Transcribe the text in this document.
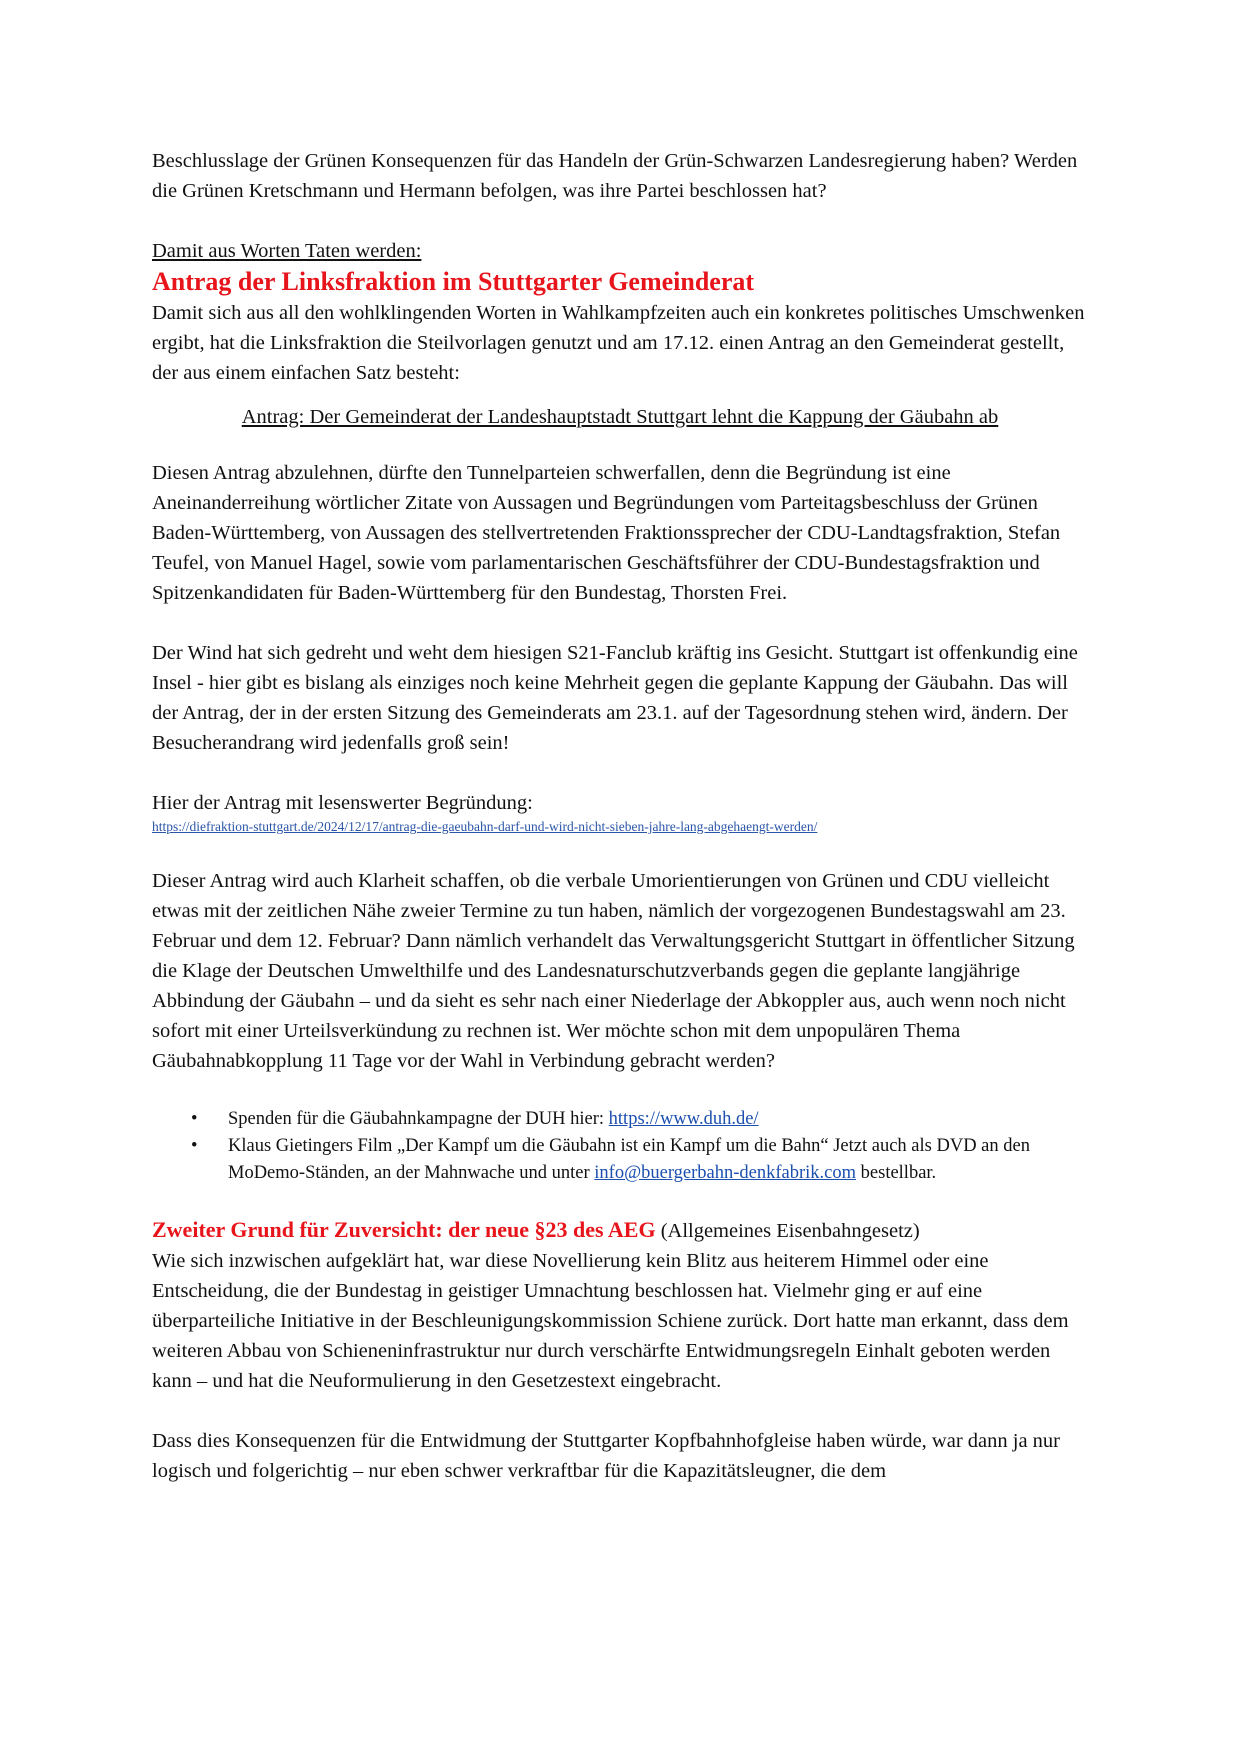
Beschlusslage der Grünen Konsequenzen für das Handeln der Grün-Schwarzen Landesregierung haben? Werden die Grünen Kretschmann und Hermann befolgen, was ihre Partei beschlossen hat?

Damit aus Worten Taten werden:

Antrag der Linksfraktion im Stuttgarter Gemeinderat

Damit sich aus all den wohlklingenden Worten in Wahlkampfzeiten auch ein konkretes politisches Umschwenken ergibt, hat die Linksfraktion die Steilvorlagen genutzt und am 17.12. einen Antrag an den Gemeinderat gestellt, der aus einem einfachen Satz besteht:

Antrag: Der Gemeinderat der Landeshauptstadt Stuttgart lehnt die Kappung der Gäubahn ab

Diesen Antrag abzulehnen, dürfte den Tunnelparteien schwerfallen, denn die Begründung ist eine Aneinanderreihung wörtlicher Zitate von Aussagen und Begründungen vom Parteitagsbeschluss der Grünen Baden-Württemberg, von Aussagen des stellvertretenden Fraktionssprecher der CDU-Landtagsfraktion, Stefan Teufel, von Manuel Hagel, sowie vom parlamentarischen Geschäftsführer der CDU-Bundestagsfraktion und Spitzenkandidaten für Baden-Württemberg für den Bundestag, Thorsten Frei.

Der Wind hat sich gedreht und weht dem hiesigen S21-Fanclub kräftig ins Gesicht. Stuttgart ist offenkundig eine Insel - hier gibt es bislang als einziges noch keine Mehrheit gegen die geplante Kappung der Gäubahn. Das will der Antrag, der in der ersten Sitzung des Gemeinderats am 23.1. auf der Tagesordnung stehen wird, ändern. Der Besucherandrang wird jedenfalls groß sein!

Hier der Antrag mit lesenswerter Begründung:

https://diefraktion-stuttgart.de/2024/12/17/antrag-die-gaeubahn-darf-und-wird-nicht-sieben-jahre-lang-abgehaengt-werden/

Dieser Antrag wird auch Klarheit schaffen, ob die verbale Umorientierungen von Grünen und CDU vielleicht etwas mit der zeitlichen Nähe zweier Termine zu tun haben, nämlich der vorgezogenen Bundestagswahl am 23. Februar und dem 12. Februar? Dann nämlich verhandelt das Verwaltungsgericht Stuttgart in öffentlicher Sitzung die Klage der Deutschen Umwelthilfe und des Landesnaturschutzverbands gegen die geplante langjährige Abbindung der Gäubahn – und da sieht es sehr nach einer Niederlage der Abkoppler aus, auch wenn noch nicht sofort mit einer Urteilsverkündung zu rechnen ist. Wer möchte schon mit dem unpopulären Thema Gäubahnabkopplung 11 Tage vor der Wahl in Verbindung gebracht werden?

• Spenden für die Gäubahnkampagne der DUH hier: https://www.duh.de/
• Klaus Gietingers Film „Der Kampf um die Gäubahn ist ein Kampf um die Bahn“ Jetzt auch als DVD an den MoDemo-Ständen, an der Mahnwache und unter info@buergerbahn-denkfabrik.com bestellbar.

Zweiter Grund für Zuversicht: der neue §23 des AEG (Allgemeines Eisenbahngesetz)

Wie sich inzwischen aufgeklärt hat, war diese Novellierung kein Blitz aus heiterem Himmel oder eine Entscheidung, die der Bundestag in geistiger Umnachtung beschlossen hat. Vielmehr ging er auf eine überparteiliche Initiative in der Beschleunigungskommission Schiene zurück. Dort hatte man erkannt, dass dem weiteren Abbau von Schieneninfrastruktur nur durch verschärfte Entwidmungsregeln Einhalt geboten werden kann – und hat die Neuformulierung in den Gesetzestext eingebracht.

Dass dies Konsequenzen für die Entwidmung der Stuttgarter Kopfbahnhofgleise haben würde, war dann ja nur logisch und folgerichtig – nur eben schwer verkraftbar für die Kapazitätsleugner, die dem
